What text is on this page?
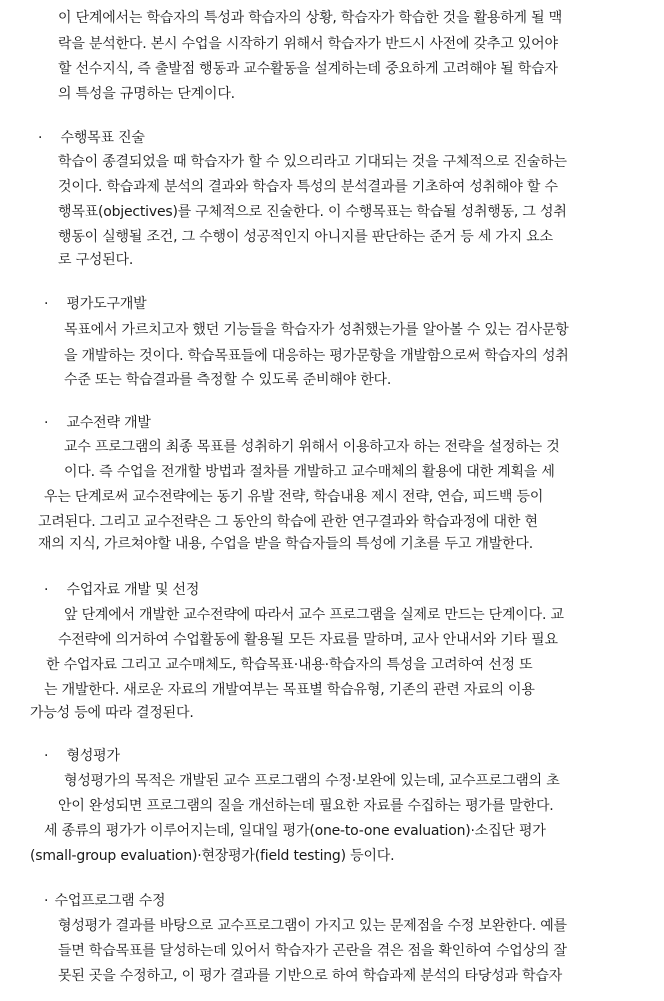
이 단계에서는 학습자의 특성과 학습자의 상황, 학습자가 학습한 것을 활용하게 될 맥
락을 분석한다. 본시 수업을 시작하기 위해서 학습자가 반드시 사전에 갖추고 있어야
할 선수지식, 즉 출발점 행동과 교수활동을 설계하는데 중요하게 고려해야 될 학습자
의 특성을 규명하는 단계이다.
· 수행목표 진술
학습이 종결되었을 때 학습자가 할 수 있으리라고 기대되는 것을 구체적으로 진술하는
것이다. 학습과제 분석의 결과와 학습자 특성의 분석결과를 기초하여 성취해야 할 수
행목표(objectives)를 구체적으로 진술한다. 이 수행목표는 학습될 성취행동, 그 성취
행동이 실행될 조건, 그 수행이 성공적인지 아니지를 판단하는 준거 등 세 가지 요소
로 구성된다.
· 평가도구개발
목표에서 가르치고자 했던 기능들을 학습자가 성취했는가를 알아볼 수 있는 검사문항
을 개발하는 것이다. 학습목표들에 대응하는 평가문항을 개발함으로써 학습자의 성취
수준 또는 학습결과를 측정할 수 있도록 준비해야 한다.
· 교수전략 개발
교수 프로그램의 최종 목표를 성취하기 위해서 이용하고자 하는 전략을 설정하는 것
이다. 즉 수업을 전개할 방법과 절차를 개발하고 교수매체의 활용에 대한 계획을 세
우는 단계로써 교수전략에는 동기 유발 전략, 학습내용 제시 전략, 연습, 피드백 등이
고려된다. 그리고 교수전략은 그 동안의 학습에 관한 연구결과와 학습과정에 대한 현
재의 지식, 가르쳐야할 내용, 수업을 받을 학습자들의 특성에 기초를 두고 개발한다.
· 수업자료 개발 및 선정
앞 단계에서 개발한 교수전략에 따라서 교수 프로그램을 실제로 만드는 단계이다. 교
수전략에 의거하여 수업활동에 활용될 모든 자료를 말하며, 교사 안내서와 기타 필요
한 수업자료 그리고 교수매체도, 학습목표·내용·학습자의 특성을 고려하여 선정 또
는 개발한다. 새로운 자료의 개발여부는 목표별 학습유형, 기존의 관련 자료의 이용
가능성 등에 따라 결정된다.
· 형성평가
형성평가의 목적은 개발된 교수 프로그램의 수정·보완에 있는데, 교수프로그램의 초
안이 완성되면 프로그램의 질을 개선하는데 필요한 자료를 수집하는 평가를 말한다.
세 종류의 평가가 이루어지는데, 일대일 평가(one-to-one evaluation)·소집단 평가
(small-group evaluation)·현장평가(field testing) 등이다.
· 수업프로그램 수정
형성평가 결과를 바탕으로 교수프로그램이 가지고 있는 문제점을 수정 보완한다. 예를
들면 학습목표를 달성하는데 있어서 학습자가 곤란을 겪은 점을 확인하여 수업상의 잘
못된 곳을 수정하고, 이 평가 결과를 기반으로 하여 학습과제 분석의 타당성과 학습자
